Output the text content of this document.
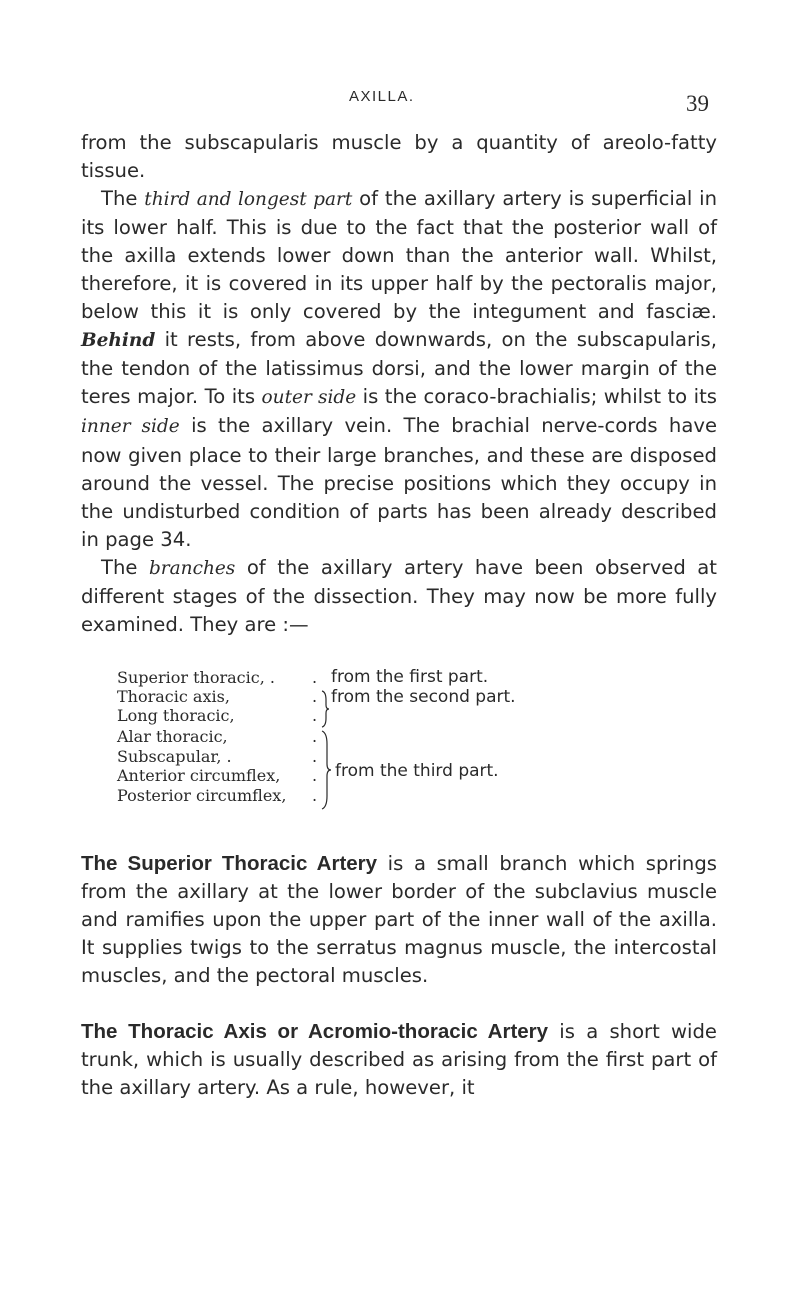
AXILLA.	39

from the subscapularis muscle by a quantity of areolo-fatty tissue.

The third and longest part of the axillary artery is superficial in its lower half. This is due to the fact that the posterior wall of the axilla extends lower down than the anterior wall. Whilst, therefore, it is covered in its upper half by the pectoralis major, below this it is only covered by the integument and fasciæ. Behind it rests, from above downwards, on the subscapularis, the tendon of the latissimus dorsi, and the lower margin of the teres major. To its outer side is the coraco-brachialis; whilst to its inner side is the axillary vein. The brachial nerve-cords have now given place to their large branches, and these are disposed around the vessel. The precise positions which they occupy in the undisturbed condition of parts has been already described in page 34.

The branches of the axillary artery have been observed at different stages of the dissection. They may now be more fully examined. They are :—

Superior thoracic, .
Thoracic axis,
Long thoracic,
Alar thoracic,
Subscapular, .
Anterior circumflex,
Posterior circumflex,
.
.
.
.
.
.
.
from the first part.
from the second part.
from the third part.

The Superior Thoracic Artery is a small branch which springs from the axillary at the lower border of the subclavius muscle and ramifies upon the upper part of the inner wall of the axilla. It supplies twigs to the serratus magnus muscle, the intercostal muscles, and the pectoral muscles.

The Thoracic Axis or Acromio-thoracic Artery is a short wide trunk, which is usually described as arising from the first part of the axillary artery. As a rule, however, it
